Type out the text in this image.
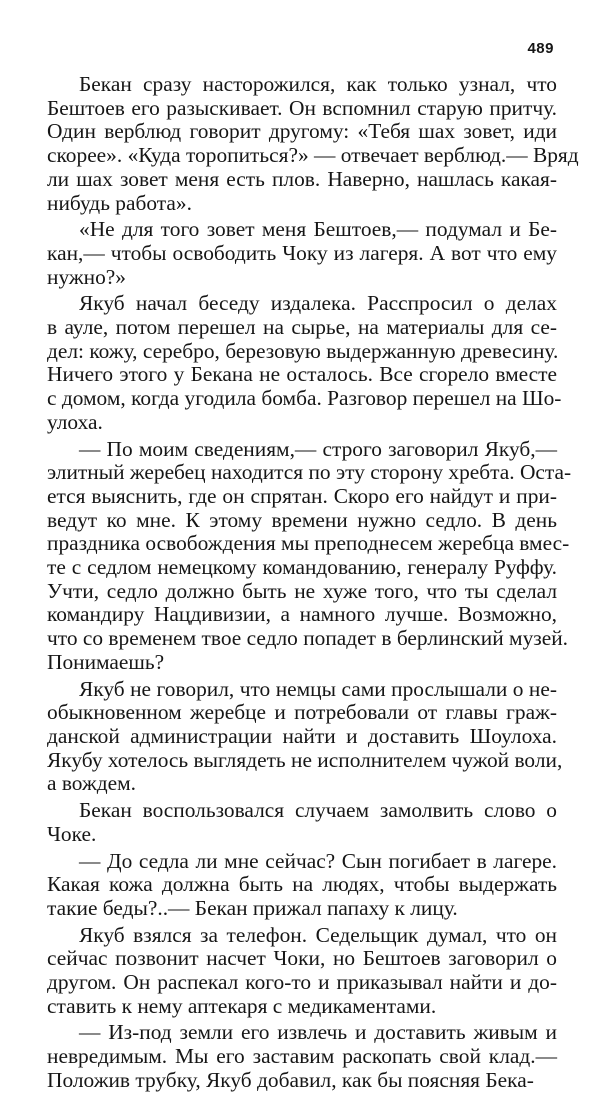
489
Бекан сразу насторожился, как только узнал, что
Бештоев его разыскивает. Он вспомнил старую притчу.
Один верблюд говорит другому: «Тебя шах зовет, иди
скорее». «Куда торопиться?» — отвечает верблюд.— Вряд
ли шах зовет меня есть плов. Наверно, нашлась какая-
нибудь работа».
«Не для того зовет меня Бештоев,— подумал и Бе-
кан,— чтобы освободить Чоку из лагеря. А вот что ему
нужно?»
Якуб начал беседу издалека. Расспросил о делах
в ауле, потом перешел на сырье, на материалы для се-
дел: кожу, серебро, березовую выдержанную древесину.
Ничего этого у Бекана не осталось. Все сгорело вместе
с домом, когда угодила бомба. Разговор перешел на Шо-
улоха.
— По моим сведениям,— строго заговорил Якуб,—
элитный жеребец находится по эту сторону хребта. Оста-
ется выяснить, где он спрятан. Скоро его найдут и при-
ведут ко мне. К этому времени нужно седло. В день
праздника освобождения мы преподнесем жеребца вмес-
те с седлом немецкому командованию, генералу Руффу.
Учти, седло должно быть не хуже того, что ты сделал
командиру Нацдивизии, а намного лучше. Возможно,
что со временем твое седло попадет в берлинский музей.
Понимаешь?
Якуб не говорил, что немцы сами прослышали о не-
обыкновенном жеребце и потребовали от главы граж-
данской администрации найти и доставить Шоулоха.
Якубу хотелось выглядеть не исполнителем чужой воли,
а вождем.
Бекан воспользовался случаем замолвить слово о
Чоке.
— До седла ли мне сейчас? Сын погибает в лагере.
Какая кожа должна быть на людях, чтобы выдержать
такие беды?..— Бекан прижал папаху к лицу.
Якуб взялся за телефон. Седельщик думал, что он
сейчас позвонит насчет Чоки, но Бештоев заговорил о
другом. Он распекал кого-то и приказывал найти и до-
ставить к нему аптекаря с медикаментами.
— Из-под земли его извлечь и доставить живым и
невредимым. Мы его заставим раскопать свой клад.—
Положив трубку, Якуб добавил, как бы поясняя Бека-
